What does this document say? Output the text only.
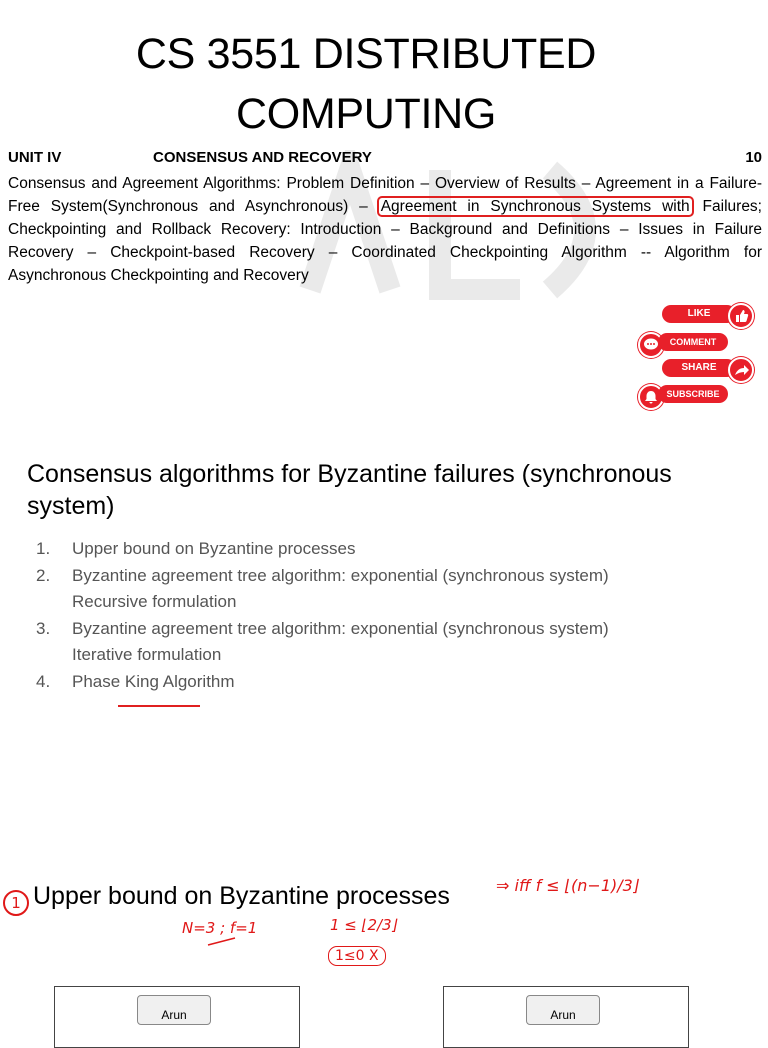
CS 3551 DISTRIBUTED
COMPUTING
UNIT IV	CONSENSUS AND RECOVERY	10
Consensus and Agreement Algorithms: Problem Definition – Overview of Results – Agreement in a Failure-Free System(Synchronous and Asynchronous) – Agreement in Synchronous Systems with Failures; Checkpointing and Rollback Recovery: Introduction – Background and Definitions – Issues in Failure Recovery – Checkpoint-based Recovery – Coordinated Checkpointing Algorithm -- Algorithm for Asynchronous Checkpointing and Recovery
LIKE
COMMENT
SHARE
SUBSCRIBE
Consensus algorithms for Byzantine failures (synchronous system)
1. Upper bound on Byzantine processes
2. Byzantine agreement tree algorithm: exponential (synchronous system)
Recursive formulation
3. Byzantine agreement tree algorithm: exponential (synchronous system)
Iterative formulation
4. Phase King Algorithm
1 Upper bound on Byzantine processes	⇒ iff f ≤ ⌊(n−1)/3⌋
N=3 ; f=1	1 ≤ ⌊2/3⌋
1≤0 X
Arun	Arun
